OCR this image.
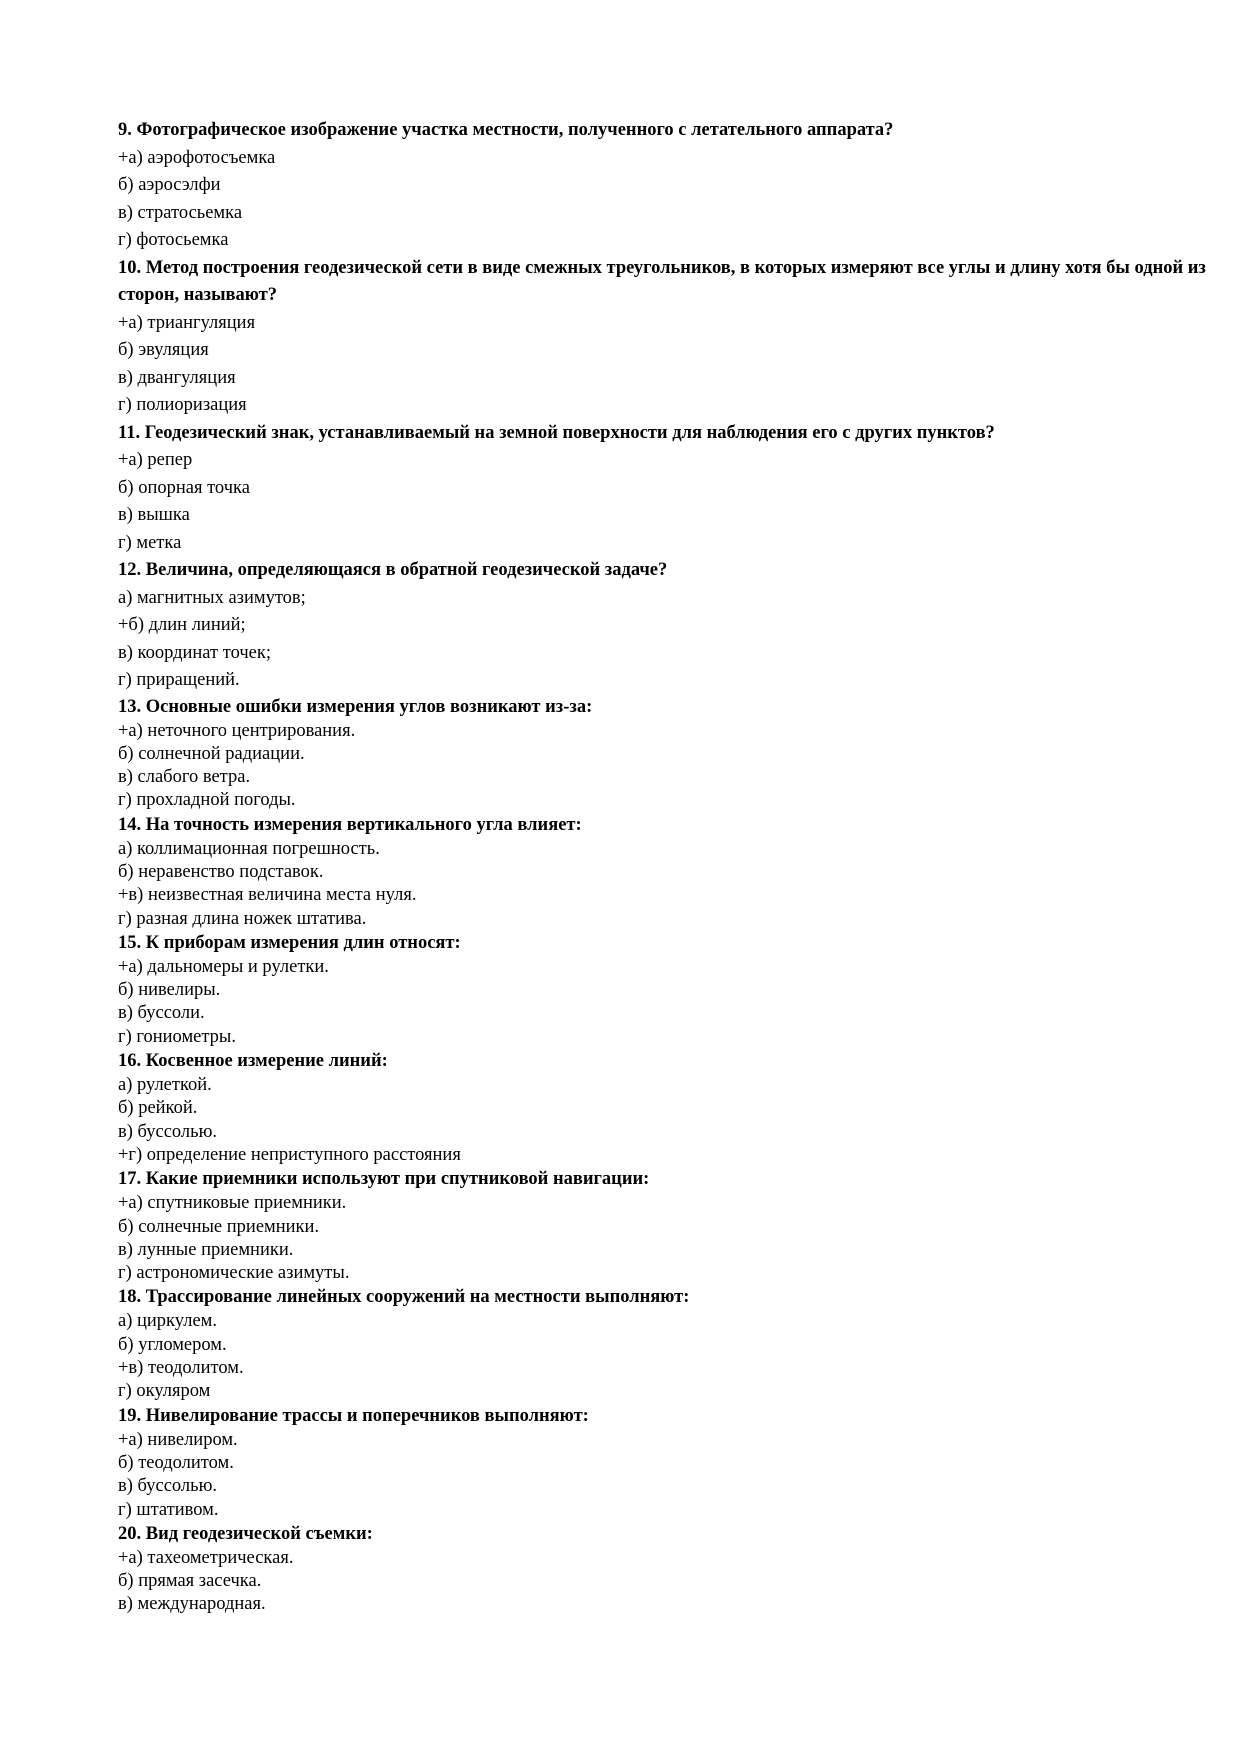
9. Фотографическое изображение участка местности, полученного с летательного аппарата?

+а) аэрофотосъемка

б) аэросэлфи

в) стратосьемка

г) фотосьемка

10. Метод построения геодезической сети в виде смежных треугольников, в которых измеряют все углы и длину хотя бы одной из сторон, называют?

+а) триангуляция

б) эвуляция

в) двангуляция

г) полиоризация

11. Геодезический знак, устанавливаемый на земной поверхности для наблюдения его с других пунктов?

+а) репер

б) опорная точка

в) вышка

г) метка

12. Величина, определяющаяся в обратной геодезической задаче?

а) магнитных азимутов;

+б) длин линий;

в) координат точек;

г) приращений.

13. Основные ошибки измерения углов возникают из-за:

+а) неточного центрирования.

б) солнечной радиации.

в) слабого ветра.

г) прохладной погоды.

14. На точность измерения вертикального угла влияет:

а) коллимационная погрешность.

б) неравенство подставок.

+в) неизвестная величина места нуля.

г) разная длина ножек штатива.

15. К приборам измерения длин относят:

+а) дальномеры и рулетки.

б) нивелиры.

в) буссоли.

г) гониометры.

16. Косвенное измерение линий:

а) рулеткой.

б) рейкой.

в) буссолью.

+г) определение неприступного расстояния

17. Какие приемники используют при спутниковой навигации:

+а) спутниковые приемники.

б) солнечные приемники.

в) лунные приемники.

г) астрономические азимуты.

18. Трассирование линейных сооружений на местности выполняют:

а) циркулем.

б) угломером.

+в) теодолитом.

г) окуляром

19. Нивелирование трассы и поперечников выполняют:

+а) нивелиром.

б) теодолитом.

в) буссолью.

г) штативом.

20. Вид геодезической съемки:

+а) тахеометрическая.

б) прямая засечка.

в) международная.
